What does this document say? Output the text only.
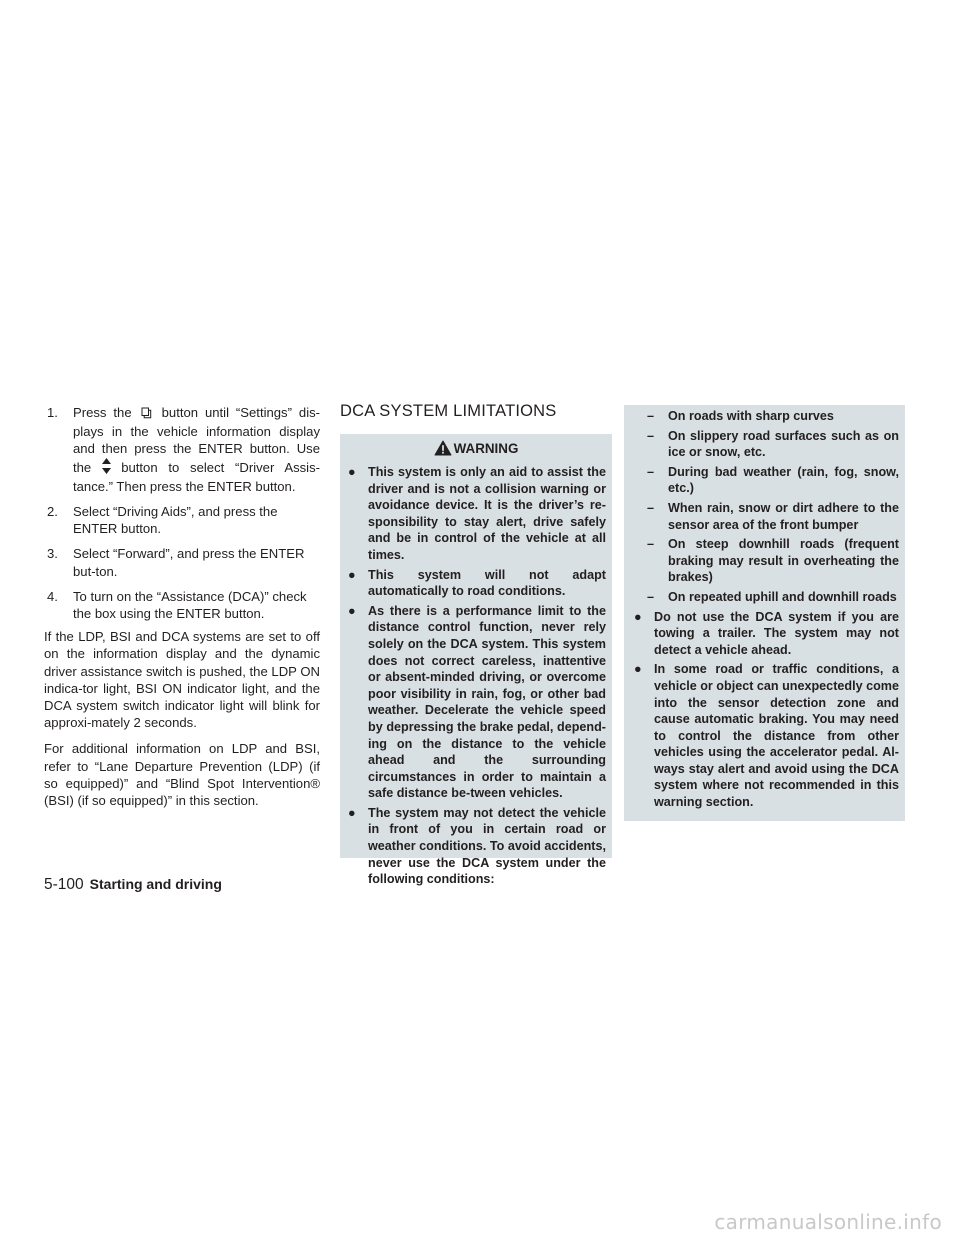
1. Press the button until “Settings” dis-plays in the vehicle information display and then press the ENTER button. Use the button to select “Driver Assis-tance.” Then press the ENTER button.
2. Select “Driving Aids”, and press the ENTER button.
3. Select “Forward”, and press the ENTER but-ton.
4. To turn on the “Assistance (DCA)” check the box using the ENTER button.

If the LDP, BSI and DCA systems are set to off on the information display and the dynamic driver assistance switch is pushed, the LDP ON indica-tor light, BSI ON indicator light, and the DCA system switch indicator light will blink for approxi-mately 2 seconds.

For additional information on LDP and BSI, refer to “Lane Departure Prevention (LDP) (if so equipped)” and “Blind Spot Intervention® (BSI) (if so equipped)” in this section.

DCA SYSTEM LIMITATIONS
WARNING
● This system is only an aid to assist the driver and is not a collision warning or avoidance device. It is the driver’s re-sponsibility to stay alert, drive safely and be in control of the vehicle at all times.
● This system will not adapt automatically to road conditions.
● As there is a performance limit to the distance control function, never rely solely on the DCA system. This system does not correct careless, inattentive or absent-minded driving, or overcome poor visibility in rain, fog, or other bad weather. Decelerate the vehicle speed by depressing the brake pedal, depend-ing on the distance to the vehicle ahead and the surrounding circumstances in order to maintain a safe distance be-tween vehicles.
● The system may not detect the vehicle in front of you in certain road or weather conditions. To avoid accidents, never use the DCA system under the following conditions:
– On roads with sharp curves
– On slippery road surfaces such as on ice or snow, etc.
– During bad weather (rain, fog, snow, etc.)
– When rain, snow or dirt adhere to the sensor area of the front bumper
– On steep downhill roads (frequent braking may result in overheating the brakes)
– On repeated uphill and downhill roads
● Do not use the DCA system if you are towing a trailer. The system may not detect a vehicle ahead.
● In some road or traffic conditions, a vehicle or object can unexpectedly come into the sensor detection zone and cause automatic braking. You may need to control the distance from other vehicles using the accelerator pedal. Al-ways stay alert and avoid using the DCA system where not recommended in this warning section.
5-100 Starting and driving
carmanualsonline.info
